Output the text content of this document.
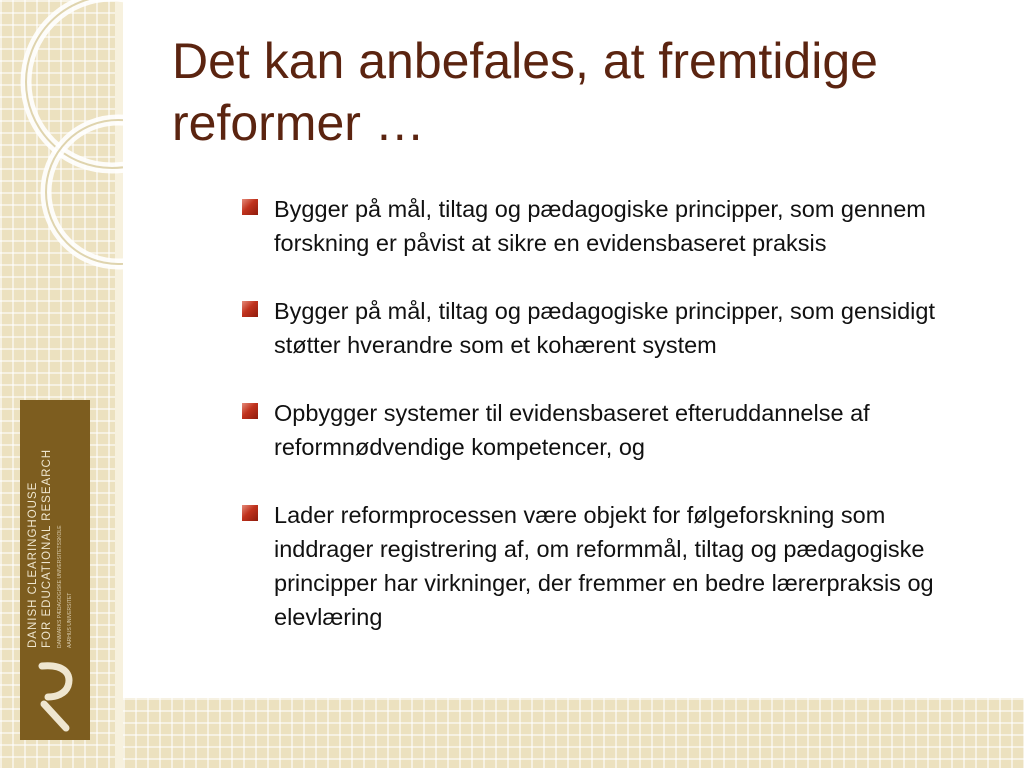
DANISH CLEARINGHOUSE FOR EDUCATIONAL RESEARCH DANMARKS PÆDAGOGISKE UNIVERSITETSSKOLE AARHUS UNIVERSITET
Det kan anbefales, at fremtidige reformer …
Bygger på mål, tiltag og pædagogiske principper, som gennem forskning er påvist at sikre en evidensbaseret praksis
Bygger på mål, tiltag og pædagogiske principper, som gensidigt støtter hverandre som et kohærent system
Opbygger systemer til evidensbaseret efteruddannelse af reformnødvendige kompetencer, og
Lader reformprocessen være objekt for følgeforskning som inddrager registrering af, om reformmål, tiltag og pædagogiske principper har virkninger, der fremmer en bedre lærerpraksis og elevlæring
